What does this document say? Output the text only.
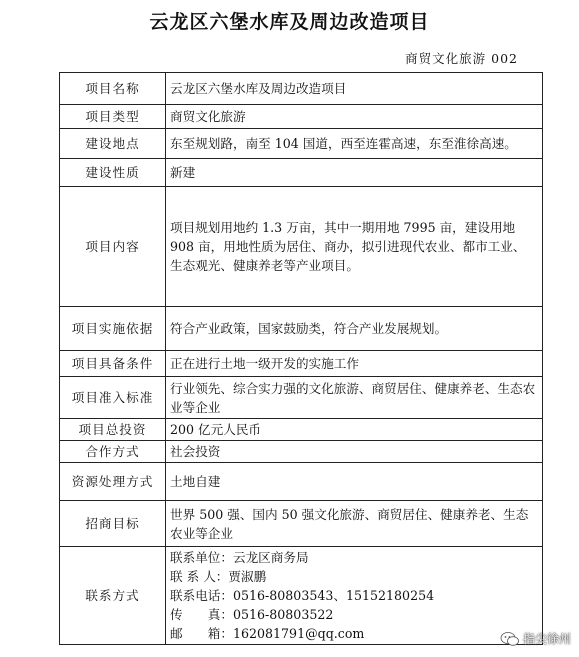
云龙区六堡水库及周边改造项目
商贸文化旅游 002
项目名称	云龙区六堡水库及周边改造项目
项目类型	商贸文化旅游
建设地点	东至规划路，南至 104 国道，西至连霍高速，东至淮徐高速。
建设性质	新建
项目内容	项目规划用地约 1.3 万亩，其中一期用地 7995 亩，建设用地 908 亩，用地性质为居住、商办，拟引进现代农业、都市工业、生态观光、健康养老等产业项目。
项目实施依据	符合产业政策，国家鼓励类，符合产业发展规划。
项目具备条件	正在进行土地一级开发的实施工作
项目准入标准	行业领先、综合实力强的文化旅游、商贸居住、健康养老、生态农业等企业
项目总投资	200 亿元人民币
合作方式	社会投资
资源处理方式	土地自建
招商目标	世界 500 强、国内 50 强文化旅游、商贸居住、健康养老、生态农业等企业
联系方式	联系单位：云龙区商务局
联 系 人：贾淑鹏
联系电话：0516-80803543、15152180254
传　　真：0516-80803522
邮　　箱：162081791@qq.com	指尖徐州
